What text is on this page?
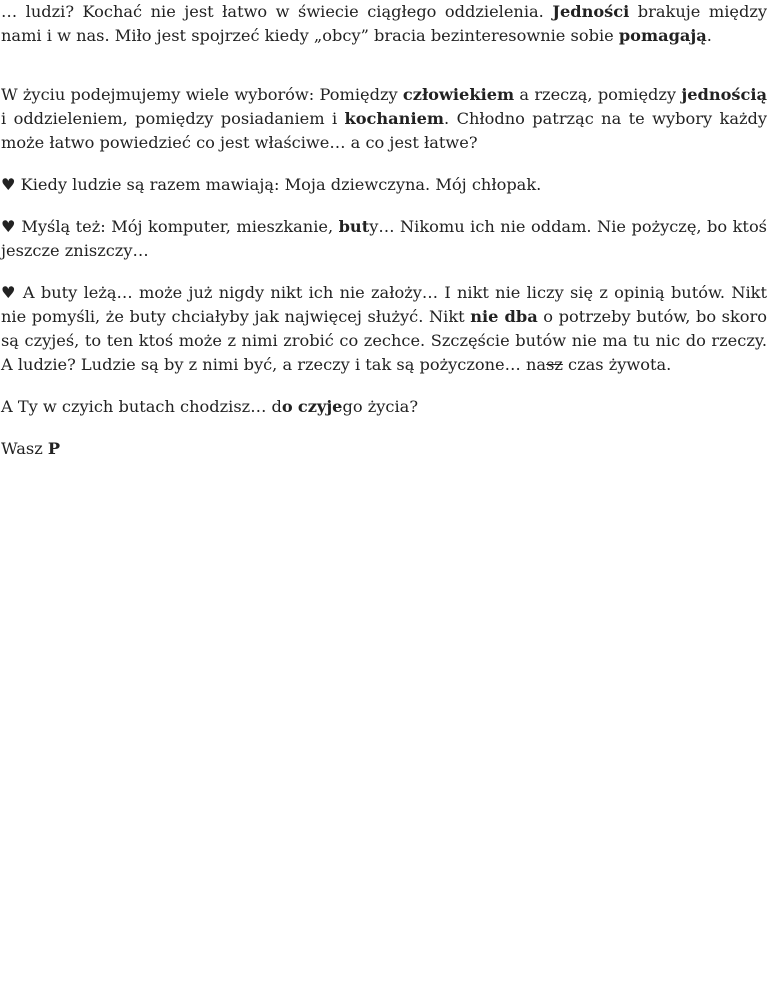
… ludzi? Kochać nie jest łatwo w świecie ciągłego oddzielenia. Jedności brakuje między nami i w nas. Miło jest spojrzeć kiedy „obcy” bracia bezinteresownie sobie pomagają.

W życiu podejmujemy wiele wyborów: Pomiędzy człowiekiem a rzeczą, pomiędzy jednością i oddzieleniem, pomiędzy posiadaniem i kochaniem. Chłodno patrząc na te wybory każdy może łatwo powiedzieć co jest właściwe… a co jest łatwe?

♥ Kiedy ludzie są razem mawiają: Moja dziewczyna. Mój chłopak.

♥ Myślą też: Mój komputer, mieszkanie, buty… Nikomu ich nie oddam. Nie pożyczę, bo ktoś jeszcze zniszczy…

♥ A buty leżą… może już nigdy nikt ich nie założy… I nikt nie liczy się z opinią butów. Nikt nie pomyśli, że buty chciałyby jak najwięcej służyć. Nikt nie dba o potrzeby butów, bo skoro są czyjeś, to ten ktoś może z nimi zrobić co zechce. Szczęście butów nie ma tu nic do rzeczy. A ludzie? Ludzie są by z nimi być, a rzeczy i tak są pożyczone… nasz czas żywota.

A Ty w czyich butach chodzisz… do czyjego życia?

Wasz P
